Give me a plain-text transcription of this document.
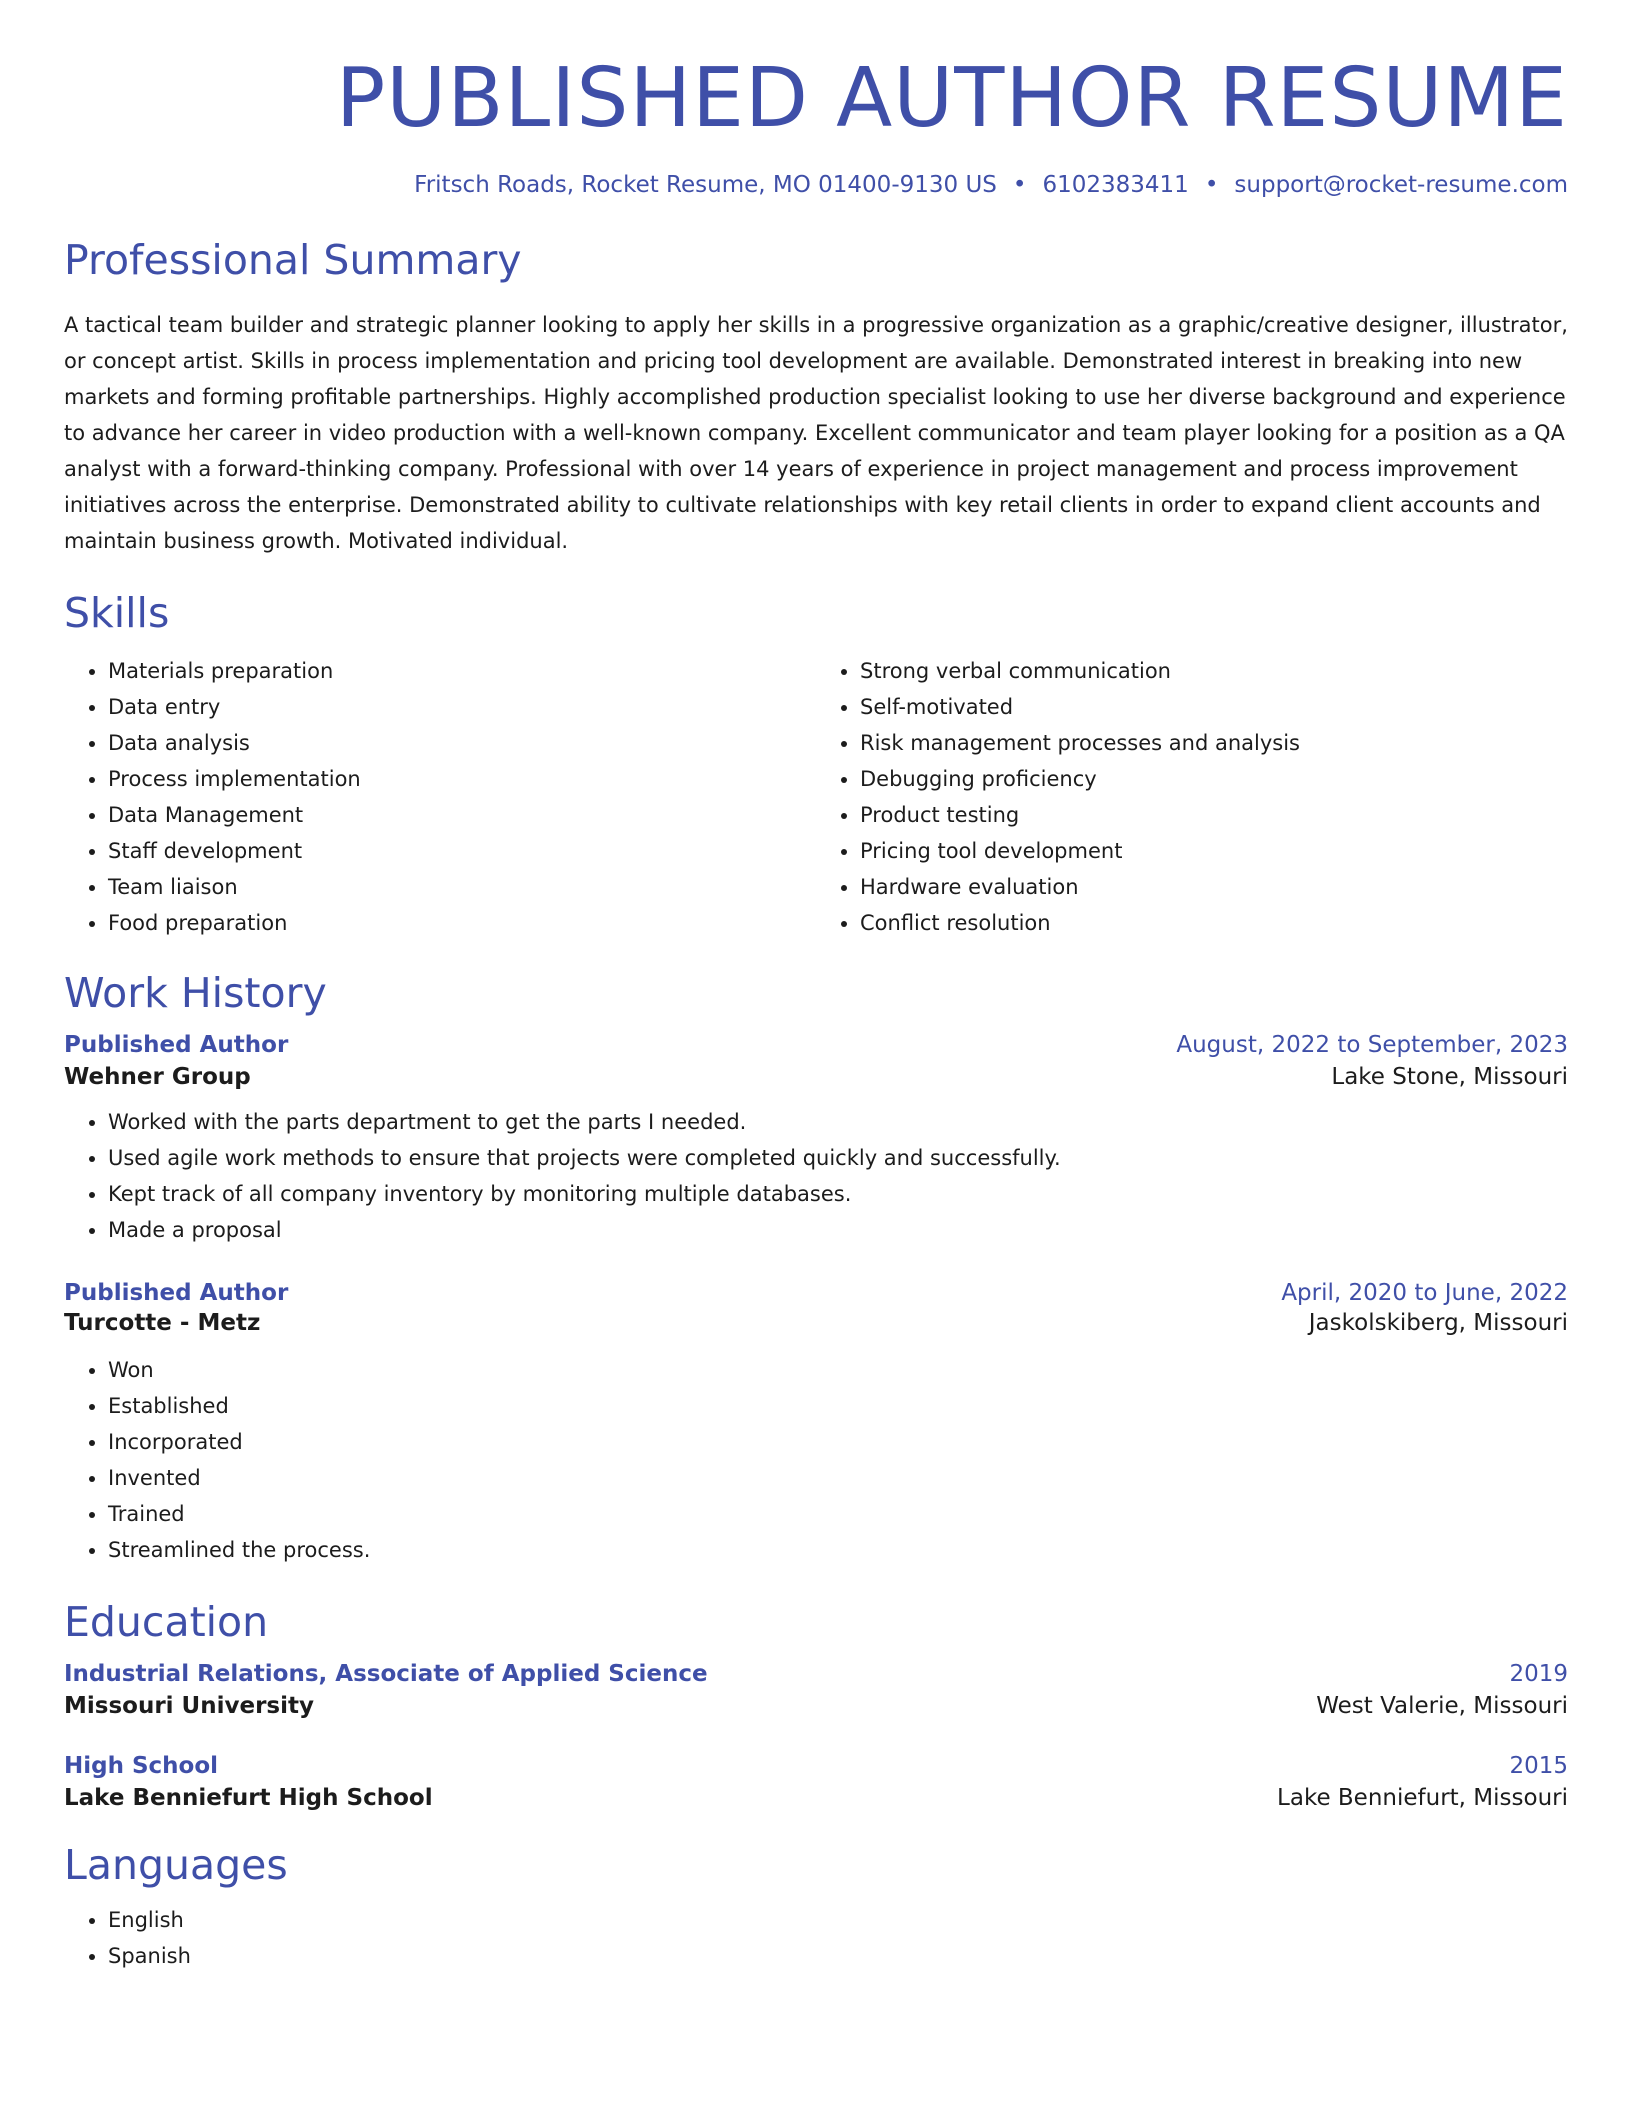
PUBLISHED AUTHOR RESUME
Fritsch Roads, Rocket Resume, MO 01400-9130 US • 6102383411 • support@rocket-resume.com
Professional Summary

A tactical team builder and strategic planner looking to apply her skills in a progressive organization as a graphic/creative designer, illustrator, or concept artist. Skills in process implementation and pricing tool development are available. Demonstrated interest in breaking into new markets and forming profitable partnerships. Highly accomplished production specialist looking to use her diverse background and experience to advance her career in video production with a well-known company. Excellent communicator and team player looking for a position as a QA analyst with a forward-thinking company. Professional with over 14 years of experience in project management and process improvement initiatives across the enterprise. Demonstrated ability to cultivate relationships with key retail clients in order to expand client accounts and maintain business growth. Motivated individual.

Skills
• Materials preparation
• Data entry
• Data analysis
• Process implementation
• Data Management
• Staff development
• Team liaison
• Food preparation
• Strong verbal communication
• Self-motivated
• Risk management processes and analysis
• Debugging proficiency
• Product testing
• Pricing tool development
• Hardware evaluation
• Conflict resolution
Work History
Published Author	August, 2022 to September, 2023
Wehner Group	Lake Stone, Missouri
• Worked with the parts department to get the parts I needed.
• Used agile work methods to ensure that projects were completed quickly and successfully.
• Kept track of all company inventory by monitoring multiple databases.
• Made a proposal
Published Author	April, 2020 to June, 2022
Turcotte - Metz	Jaskolskiberg, Missouri
• Won
• Established
• Incorporated
• Invented
• Trained
• Streamlined the process.
Education
Industrial Relations, Associate of Applied Science	2019
Missouri University	West Valerie, Missouri
High School	2015
Lake Benniefurt High School	Lake Benniefurt, Missouri
Languages
• English
• Spanish
